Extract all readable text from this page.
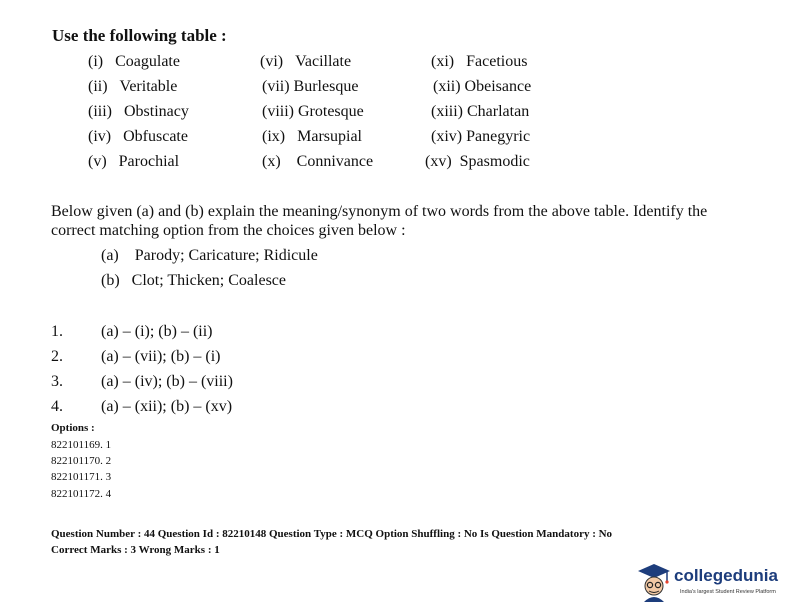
Use the following table :
(i) Coagulate
(ii) Veritable
(iii) Obstinacy
(iv) Obfuscate
(v) Parochial
(vi) Vacillate
(vii) Burlesque
(viii) Grotesque
(ix) Marsupial
(x) Connivance
(xi) Facetious
(xii) Obeisance
(xiii) Charlatan
(xiv) Panegyric
(xv) Spasmodic
Below given (a) and (b) explain the meaning/synonym of two words from the above table. Identify the
correct matching option from the choices given below :
(a) Parody; Caricature; Ridicule
(b) Clot; Thicken; Coalesce
1. (a) – (i); (b) – (ii)
2. (a) – (vii); (b) – (i)
3. (a) – (iv); (b) – (viii)
4. (a) – (xii); (b) – (xv)
Options :
822101169. 1
822101170. 2
822101171. 3
822101172. 4
Question Number : 44 Question Id : 82210148 Question Type : MCQ Option Shuffling : No Is Question Mandatory : No
Correct Marks : 3 Wrong Marks : 1
collegedunia
India's largest Student Review Platform
